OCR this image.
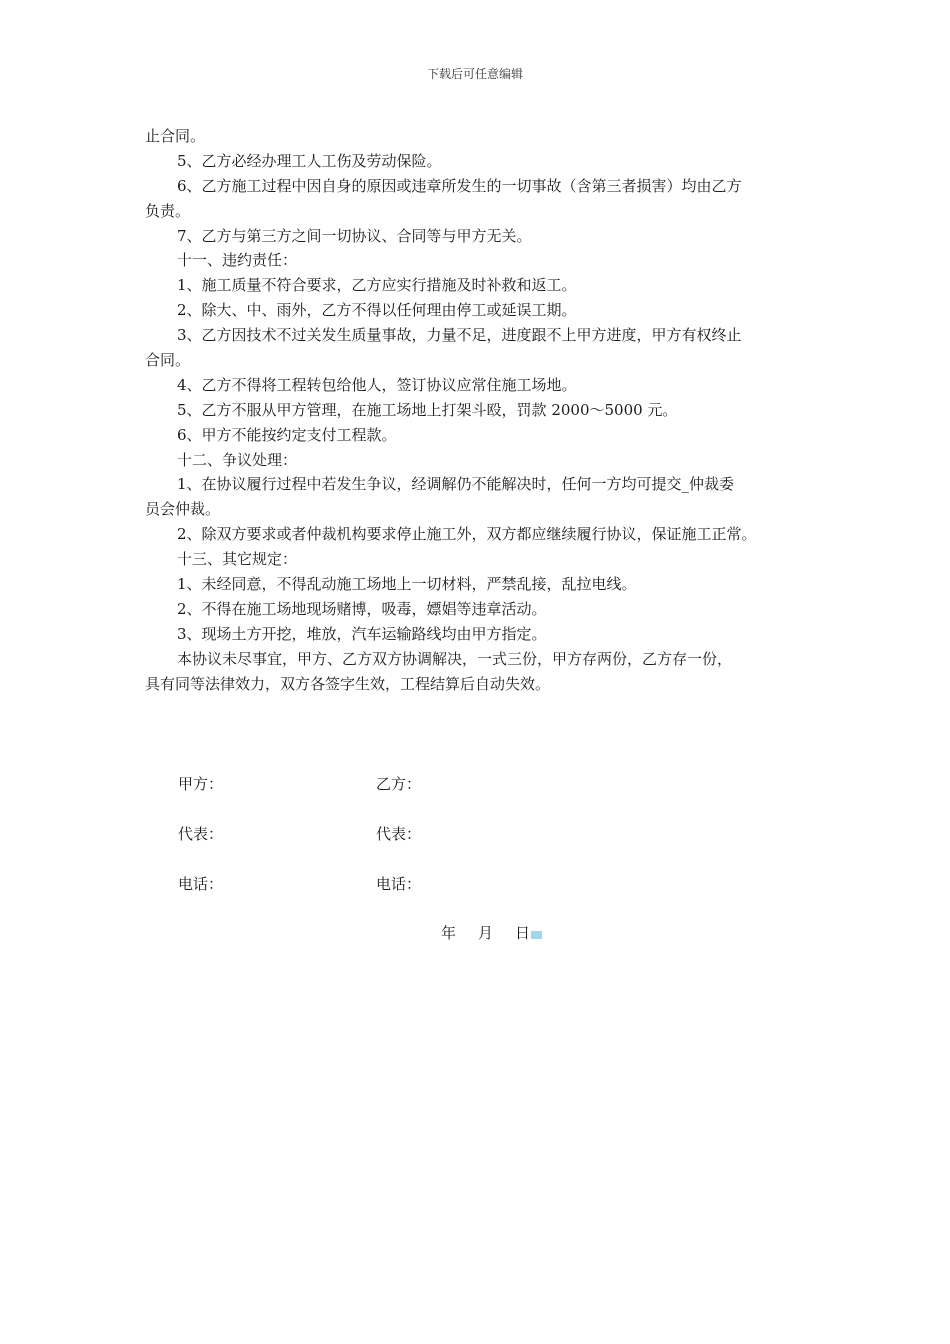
下载后可任意编辑
止合同。
5、乙方必经办理工人工伤及劳动保险。
6、乙方施工过程中因自身的原因或违章所发生的一切事故（含第三者损害）均由乙方
负责。
7、乙方与第三方之间一切协议、合同等与甲方无关。
十一、违约责任：
1、施工质量不符合要求，乙方应实行措施及时补救和返工。
2、除大、中、雨外，乙方不得以任何理由停工或延误工期。
3、乙方因技术不过关发生质量事故，力量不足，进度跟不上甲方进度，甲方有权终止
合同。
4、乙方不得将工程转包给他人，签订协议应常住施工场地。
5、乙方不服从甲方管理，在施工场地上打架斗殴，罚款 2000～5000 元。
6、甲方不能按约定支付工程款。
十二、争议处理：
1、在协议履行过程中若发生争议，经调解仍不能解决时，任何一方均可提交_仲裁委
员会仲裁。
2、除双方要求或者仲裁机构要求停止施工外，双方都应继续履行协议，保证施工正常。
十三、其它规定：
1、未经同意，不得乱动施工场地上一切材料，严禁乱接，乱拉电线。
2、不得在施工场地现场赌博，吸毒，嫖娼等违章活动。
3、现场土方开挖，堆放，汽车运输路线均由甲方指定。
本协议未尽事宜，甲方、乙方双方协调解决，一式三份，甲方存两份，乙方存一份，
具有同等法律效力，双方各签字生效，工程结算后自动失效。
甲方：	乙方：
代表：	代表：
电话：	电话：
年 月 日
